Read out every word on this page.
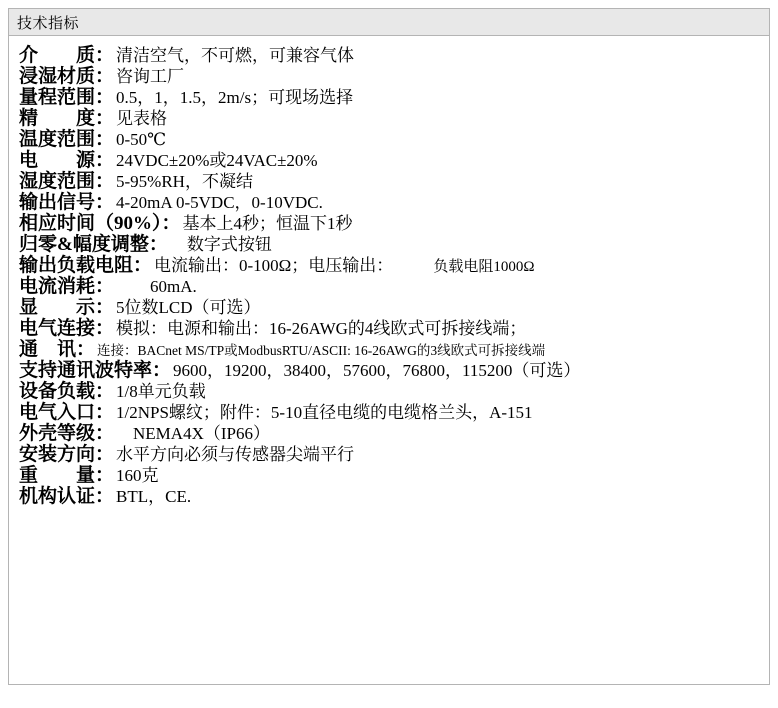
技术指标
介　　质： 清洁空气，不可燃，可兼容气体
浸湿材质： 咨询工厂
量程范围： 0.5，1，1.5，2m/s；可现场选择
精　　度： 见表格
温度范围： 0-50℃
电　　源： 24VDC±20%或24VAC±20%
湿度范围： 5-95%RH，不凝结
输出信号： 4-20mA 0-5VDC，0-10VDC.
相应时间（90%）： 基本上4秒；恒温下1秒
归零&幅度调整： 　数字式按钮
输出负载电阻： 电流输出：0-100Ω；电压输出：	负载电阻1000Ω
电流消耗： 　　60mA.
显　　示： 5位数LCD（可选）
电气连接： 模拟：电源和输出：16-26AWG的4线欧式可拆接线端；
通　讯： 连接：BACnet MS/TP或ModbusRTU/ASCII: 16-26AWG的3线欧式可拆接线端
支持通讯波特率： 9600，19200，38400，57600，76800，115200（可选）
设备负载： 1/8单元负载
电气入口： 1/2NPS螺纹；附件：5-10直径电缆的电缆格兰头，A-151
外壳等级： 　NEMA4X（IP66）
安装方向： 水平方向必须与传感器尖端平行
重　　量： 160克
机构认证： BTL，CE.
